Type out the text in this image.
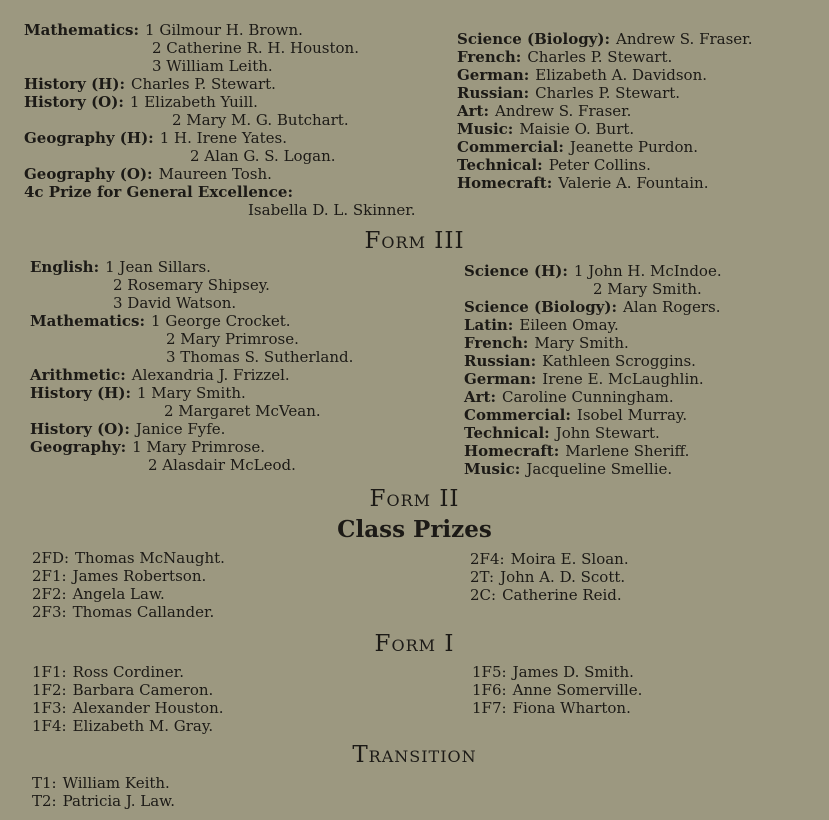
Mathematics: 1 Gilmour H. Brown.
2 Catherine R. H. Houston.
3 William Leith.
History (H): Charles P. Stewart.
History (O): 1 Elizabeth Yuill.
2 Mary M. G. Butchart.
Geography (H): 1 H. Irene Yates.
2 Alan G. S. Logan.
Geography (O): Maureen Tosh.
4c Prize for General Excellence:
Isabella D. L. Skinner.
Science (Biology): Andrew S. Fraser.
French: Charles P. Stewart.
German: Elizabeth A. Davidson.
Russian: Charles P. Stewart.
Art: Andrew S. Fraser.
Music: Maisie O. Burt.
Commercial: Jeanette Purdon.
Technical: Peter Collins.
Homecraft: Valerie A. Fountain.
Form III
English: 1 Jean Sillars.
2 Rosemary Shipsey.
3 David Watson.
Mathematics: 1 George Crocket.
2 Mary Primrose.
3 Thomas S. Sutherland.
Arithmetic: Alexandria J. Frizzel.
History (H): 1 Mary Smith.
2 Margaret McVean.
History (O): Janice Fyfe.
Geography: 1 Mary Primrose.
2 Alasdair McLeod.
Science (H): 1 John H. McIndoe.
2 Mary Smith.
Science (Biology): Alan Rogers.
Latin: Eileen Omay.
French: Mary Smith.
Russian: Kathleen Scroggins.
German: Irene E. McLaughlin.
Art: Caroline Cunningham.
Commercial: Isobel Murray.
Technical: John Stewart.
Homecraft: Marlene Sheriff.
Music: Jacqueline Smellie.
Form II
Class Prizes
2FD: Thomas McNaught.
2F1: James Robertson.
2F2: Angela Law.
2F3: Thomas Callander.
2F4: Moira E. Sloan.
2T: John A. D. Scott.
2C: Catherine Reid.
Form I
1F1: Ross Cordiner.
1F2: Barbara Cameron.
1F3: Alexander Houston.
1F4: Elizabeth M. Gray.
1F5: James D. Smith.
1F6: Anne Somerville.
1F7: Fiona Wharton.
Transition
T1: William Keith.
T2: Patricia J. Law.
